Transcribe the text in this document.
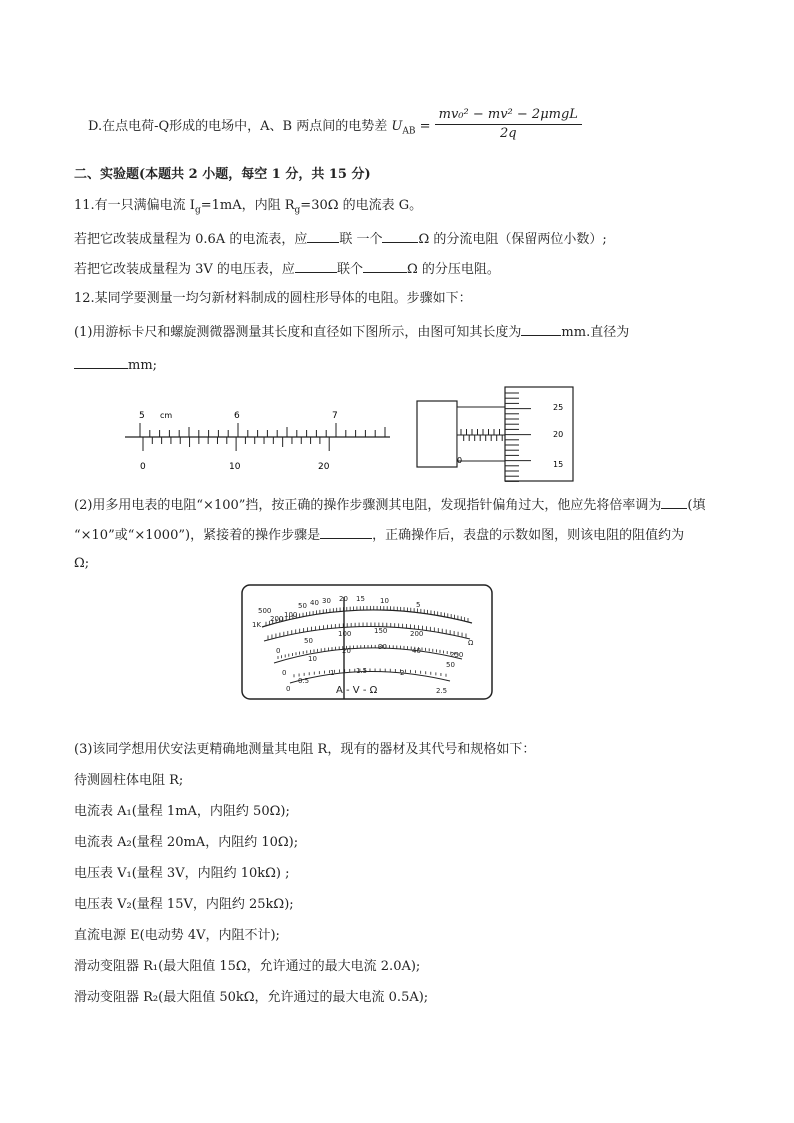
D.在点电荷-Q形成的电场中，A、B 两点间的电势差 $U_{AB} = \frac{\text{mv₀² − mv² − 2μmgL}}{2q}$
二、实验题(本题共 2 小题，每空 1 分，共 15 分)
11.有一只满偏电流 $I_g=1mA$，内阻 $R_g=30\Omega$ 的电流表 G。
若把它改装成量程为 0.6A 的电流表，应 联 一个	Ω 的分流电阻（保留两位小数）;
若把它改装成量程为 3V 的电压表，应	联个	Ω 的分压电阻。
12.某同学要测量一均匀新材料制成的圆柱形导体的电阻。步骤如下：
(1)用游标卡尺和螺旋测微器测量其长度和直径如下图所示，由图可知其长度为	mm.直径为
mm;
5 cm	6	7
0	10	20
0
25
20
15
(2)用多用电表的电阻“×100”挡，按正确的操作步骤测其电阻，发现指针偏角过大，他应先将倍率调为 (填
“×10”或“×1000”)，紧接着的操作步骤是	，正确操作后，表盘的示数如图，则该电阻的阻值约为
Ω;
500
200 100
50 40 30 20 15 10	5
1K
Ω
0
50
100	150	200
250
0
10
20	30	40
50
0
0.5
1	1.5	2
2.5
A - V - Ω
(3)该同学想用伏安法更精确地测量其电阻 R，现有的器材及其代号和规格如下：
待测圆柱体电阻 R;
电流表 A₁(量程 1mA，内阻约 50Ω);
电流表 A₂(量程 20mA，内阻约 10Ω);
电压表 V₁(量程 3V，内阻约 10kΩ) ;
电压表 V₂(量程 15V，内阻约 25kΩ);
直流电源 E(电动势 4V，内阻不计);
滑动变阻器 R₁(最大阻值 15Ω，允许通过的最大电流 2.0A);
滑动变阻器 R₂(最大阻值 50kΩ，允许通过的最大电流 0.5A);
